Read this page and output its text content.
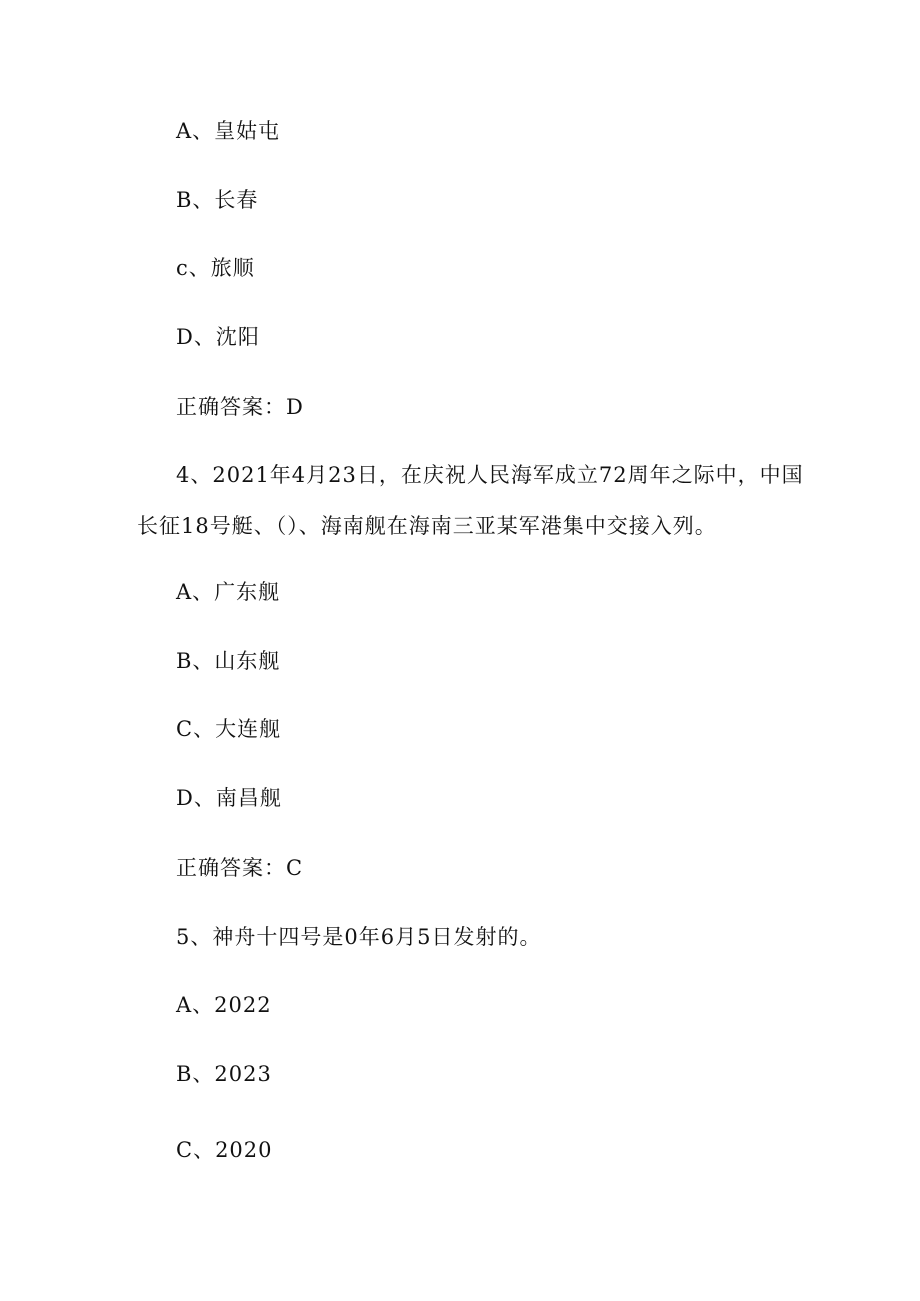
A、皇姑屯
B、长春
c、旅顺
D、沈阳
正确答案：D
4、2021年4月23日，在庆祝人民海军成立72周年之际中，中国
长征18号艇、（）、海南舰在海南三亚某军港集中交接入列。
A、广东舰
B、山东舰
C、大连舰
D、南昌舰
正确答案：C
5、神舟十四号是0年6月5日发射的。
A、2022
B、2023
C、2020
